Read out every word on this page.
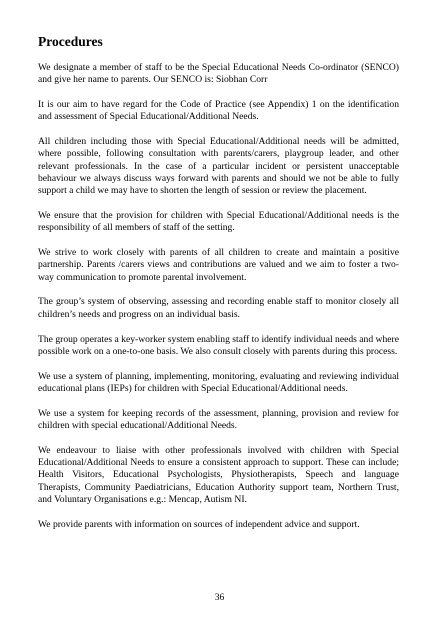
Procedures

We designate a member of staff to be the Special Educational Needs Co-ordinator (SENCO) and give her name to parents. Our SENCO is: Siobhan Corr

It is our aim to have regard for the Code of Practice (see Appendix) 1 on the identification and assessment of Special Educational/Additional Needs.

All children including those with Special Educational/Additional needs will be admitted, where possible, following consultation with parents/carers, playgroup leader, and other relevant professionals. In the case of a particular incident or persistent unacceptable behaviour we always discuss ways forward with parents and should we not be able to fully support a child we may have to shorten the length of session or review the placement.

We ensure that the provision for children with Special Educational/Additional needs is the responsibility of all members of staff of the setting.

We strive to work closely with parents of all children to create and maintain a positive partnership. Parents /carers views and contributions are valued and we aim to foster a two-way communication to promote parental involvement.

The group’s system of observing, assessing and recording enable staff to monitor closely all children’s needs and progress on an individual basis.

The group operates a key-worker system enabling staff to identify individual needs and where possible work on a one-to-one basis. We also consult closely with parents during this process.

We use a system of planning, implementing, monitoring, evaluating and reviewing individual educational plans (IEPs) for children with Special Educational/Additional needs.

We use a system for keeping records of the assessment, planning, provision and review for children with special educational/Additional Needs.

We endeavour to liaise with other professionals involved with children with Special Educational/Additional Needs to ensure a consistent approach to support. These can include; Health Visitors, Educational Psychologists, Physiotherapists, Speech and language Therapists, Community Paediatricians, Education Authority support team, Northern Trust, and Voluntary Organisations e.g.: Mencap, Autism NI.

We provide parents with information on sources of independent advice and support.

36
